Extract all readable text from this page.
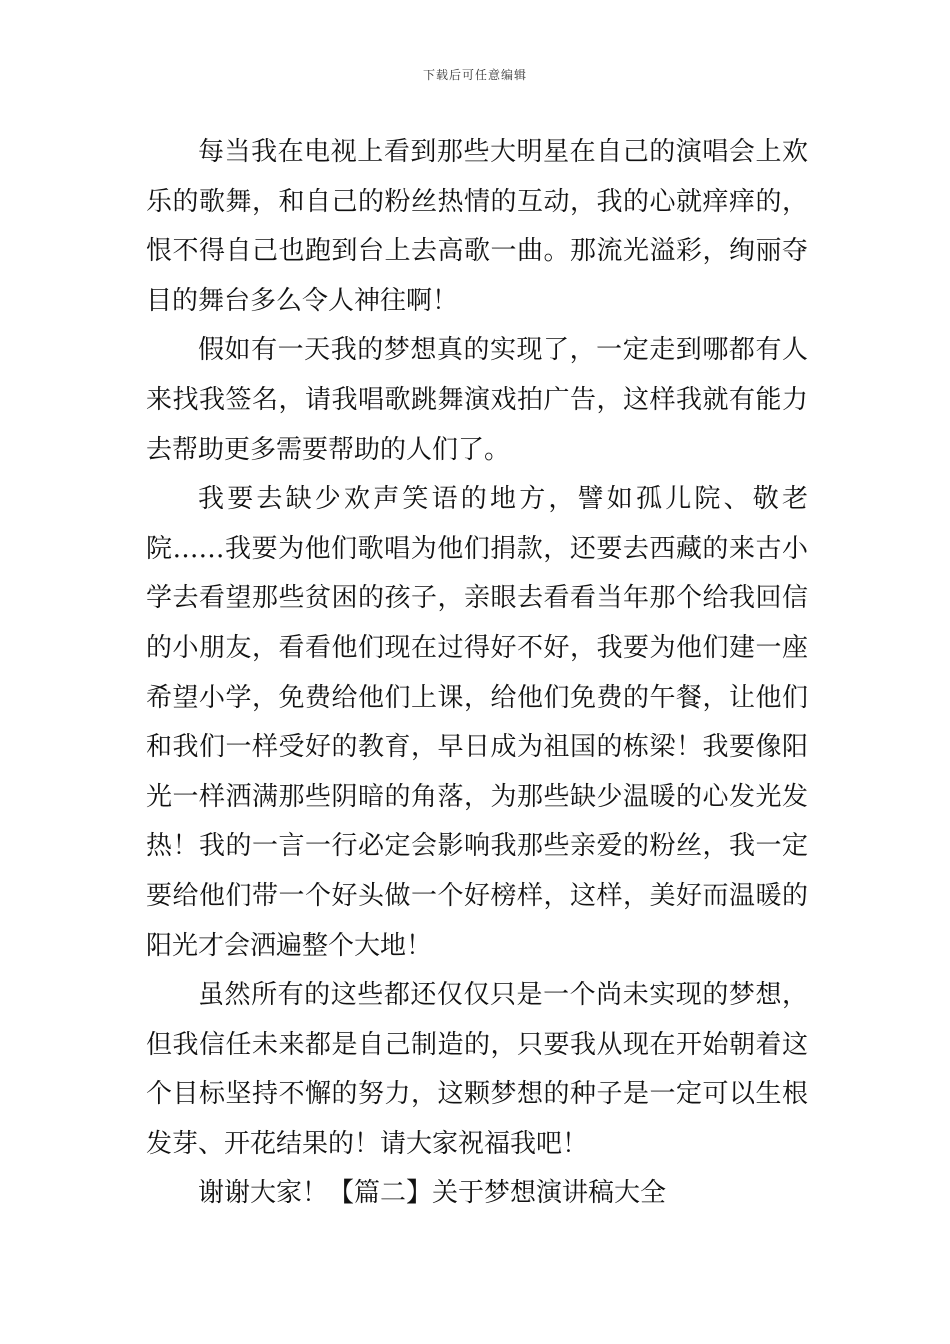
下载后可任意编辑

每当我在电视上看到那些大明星在自己的演唱会上欢乐的歌舞，和自己的粉丝热情的互动，我的心就痒痒的，恨不得自己也跑到台上去高歌一曲。那流光溢彩，绚丽夺目的舞台多么令人神往啊！

假如有一天我的梦想真的实现了，一定走到哪都有人来找我签名，请我唱歌跳舞演戏拍广告，这样我就有能力去帮助更多需要帮助的人们了。

我要去缺少欢声笑语的地方，譬如孤儿院、敬老院……我要为他们歌唱为他们捐款，还要去西藏的来古小学去看望那些贫困的孩子，亲眼去看看当年那个给我回信的小朋友，看看他们现在过得好不好，我要为他们建一座希望小学，免费给他们上课，给他们免费的午餐，让他们和我们一样受好的教育，早日成为祖国的栋梁！我要像阳光一样洒满那些阴暗的角落，为那些缺少温暖的心发光发热！我的一言一行必定会影响我那些亲爱的粉丝，我一定要给他们带一个好头做一个好榜样，这样，美好而温暖的阳光才会洒遍整个大地！

虽然所有的这些都还仅仅只是一个尚未实现的梦想，但我信任未来都是自己制造的，只要我从现在开始朝着这个目标坚持不懈的努力，这颗梦想的种子是一定可以生根发芽、开花结果的！请大家祝福我吧！

谢谢大家！【篇二】关于梦想演讲稿大全
